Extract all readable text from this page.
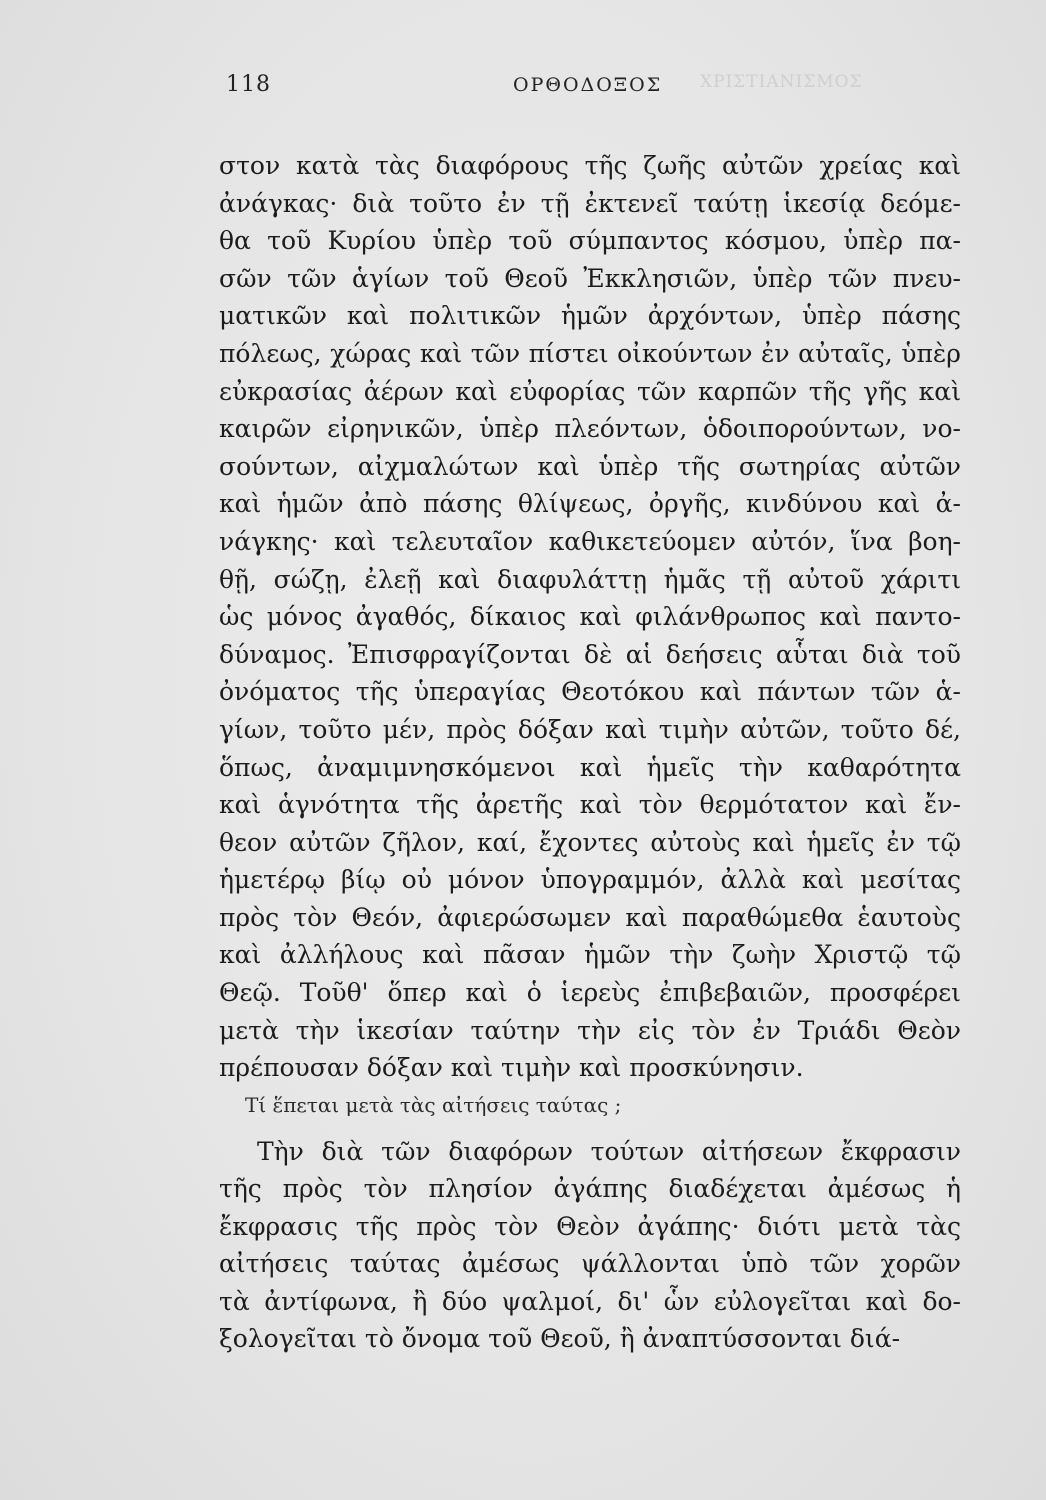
ΧΡΙΣΤΙΑΝΙΣΜΟΣ
118	ΟΡΘΟΔΟΞΟΣ
στον κατὰ τὰς διαφόρους τῆς ζωῆς αὐτῶν χρείας καὶ
ἀνάγκας· διὰ τοῦτο ἐν τῇ ἐκτενεῖ ταύτῃ ἱκεσίᾳ δεόμε-
θα τοῦ Κυρίου ὑπὲρ τοῦ σύμπαντος κόσμου, ὑπὲρ πα-
σῶν τῶν ἁγίων τοῦ Θεοῦ Ἐκκλησιῶν, ὑπὲρ τῶν πνευ-
ματικῶν καὶ πολιτικῶν ἡμῶν ἀρχόντων, ὑπὲρ πάσης
πόλεως, χώρας καὶ τῶν πίστει οἰκούντων ἐν αὐταῖς, ὑπὲρ
εὐκρασίας ἀέρων καὶ εὐφορίας τῶν καρπῶν τῆς γῆς καὶ
καιρῶν εἰρηνικῶν, ὑπὲρ πλεόντων, ὁδοιπορούντων, νο-
σούντων, αἰχμαλώτων καὶ ὑπὲρ τῆς σωτηρίας αὐτῶν
καὶ ἡμῶν ἀπὸ πάσης θλίψεως, ὀργῆς, κινδύνου καὶ ἀ-
νάγκης· καὶ τελευταῖον καθικετεύομεν αὐτόν, ἵνα βοη-
θῇ, σώζῃ, ἐλεῇ καὶ διαφυλάττῃ ἡμᾶς τῇ αὐτοῦ χάριτι
ὡς μόνος ἀγαθός, δίκαιος καὶ φιλάνθρωπος καὶ παντο-
δύναμος. Ἐπισφραγίζονται δὲ αἱ δεήσεις αὗται διὰ τοῦ
ὀνόματος τῆς ὑπεραγίας Θεοτόκου καὶ πάντων τῶν ἁ-
γίων, τοῦτο μέν, πρὸς δόξαν καὶ τιμὴν αὐτῶν, τοῦτο δέ,
ὅπως, ἀναμιμνησκόμενοι καὶ ἡμεῖς τὴν καθαρότητα
καὶ ἁγνότητα τῆς ἀρετῆς καὶ τὸν θερμότατον καὶ ἔν-
θεον αὐτῶν ζῆλον, καί, ἔχοντες αὐτοὺς καὶ ἡμεῖς ἐν τῷ
ἡμετέρῳ βίῳ οὐ μόνον ὑπογραμμόν, ἀλλὰ καὶ μεσίτας
πρὸς τὸν Θεόν, ἀφιερώσωμεν καὶ παραθώμεθα ἑαυτοὺς
καὶ ἀλλήλους καὶ πᾶσαν ἡμῶν τὴν ζωὴν Χριστῷ τῷ
Θεῷ. Τοῦθ' ὅπερ καὶ ὁ ἱερεὺς ἐπιβεβαιῶν, προσφέρει
μετὰ τὴν ἱκεσίαν ταύτην τὴν εἰς τὸν ἐν Τριάδι Θεὸν
πρέπουσαν δόξαν καὶ τιμὴν καὶ προσκύνησιν.
Τί ἕπεται μετὰ τὰς αἰτήσεις ταύτας ;
Τὴν διὰ τῶν διαφόρων τούτων αἰτήσεων ἔκφρασιν
τῆς πρὸς τὸν πλησίον ἀγάπης διαδέχεται ἀμέσως ἡ
ἔκφρασις τῆς πρὸς τὸν Θεὸν ἀγάπης· διότι μετὰ τὰς
αἰτήσεις ταύτας ἀμέσως ψάλλονται ὑπὸ τῶν χορῶν
τὰ ἀντίφωνα, ἢ δύο ψαλμοί, δι' ὧν εὐλογεῖται καὶ δο-
ξολογεῖται τὸ ὄνομα τοῦ Θεοῦ, ἢ ἀναπτύσσονται διά-
